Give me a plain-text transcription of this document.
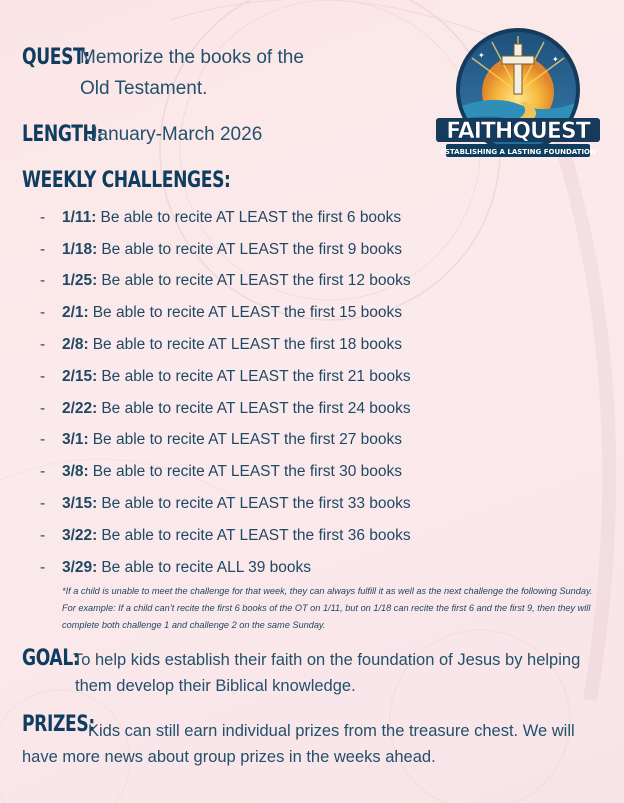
QUEST:
Memorize the books of the
Old Testament.
LENGTH:
January-March 2026
WEEKLY CHALLENGES:
-	1/11: Be able to recite AT LEAST the first 6 books
-	1/18: Be able to recite AT LEAST the first 9 books
-	1/25: Be able to recite AT LEAST the first 12 books
-	2/1: Be able to recite AT LEAST the first 15 books
-	2/8: Be able to recite AT LEAST the first 18 books
-	2/15: Be able to recite AT LEAST the first 21 books
-	2/22: Be able to recite AT LEAST the first 24 books
-	3/1: Be able to recite AT LEAST the first 27 books
-	3/8: Be able to recite AT LEAST the first 30 books
-	3/15: Be able to recite AT LEAST the first 33 books
-	3/22: Be able to recite AT LEAST the first 36 books
-	3/29: Be able to recite ALL 39 books
*If a child is unable to meet the challenge for that week, they can always fulfill it as well as the next challenge the following Sunday. For example: If a child can’t recite the first 6 books of the OT on 1/11, but on 1/18 can recite the first 6 and the first 9, then they will complete both challenge 1 and challenge 2 on the same Sunday.
GOAL:
To help kids establish their faith on the foundation of Jesus by helping
them develop their Biblical knowledge.
PRIZES:
Kids can still earn individual prizes from the treasure chest. We will have more news about group prizes in the weeks ahead.
✦	✦
FAITHQUEST
ESTABLISHING A LASTING FOUNDATION
